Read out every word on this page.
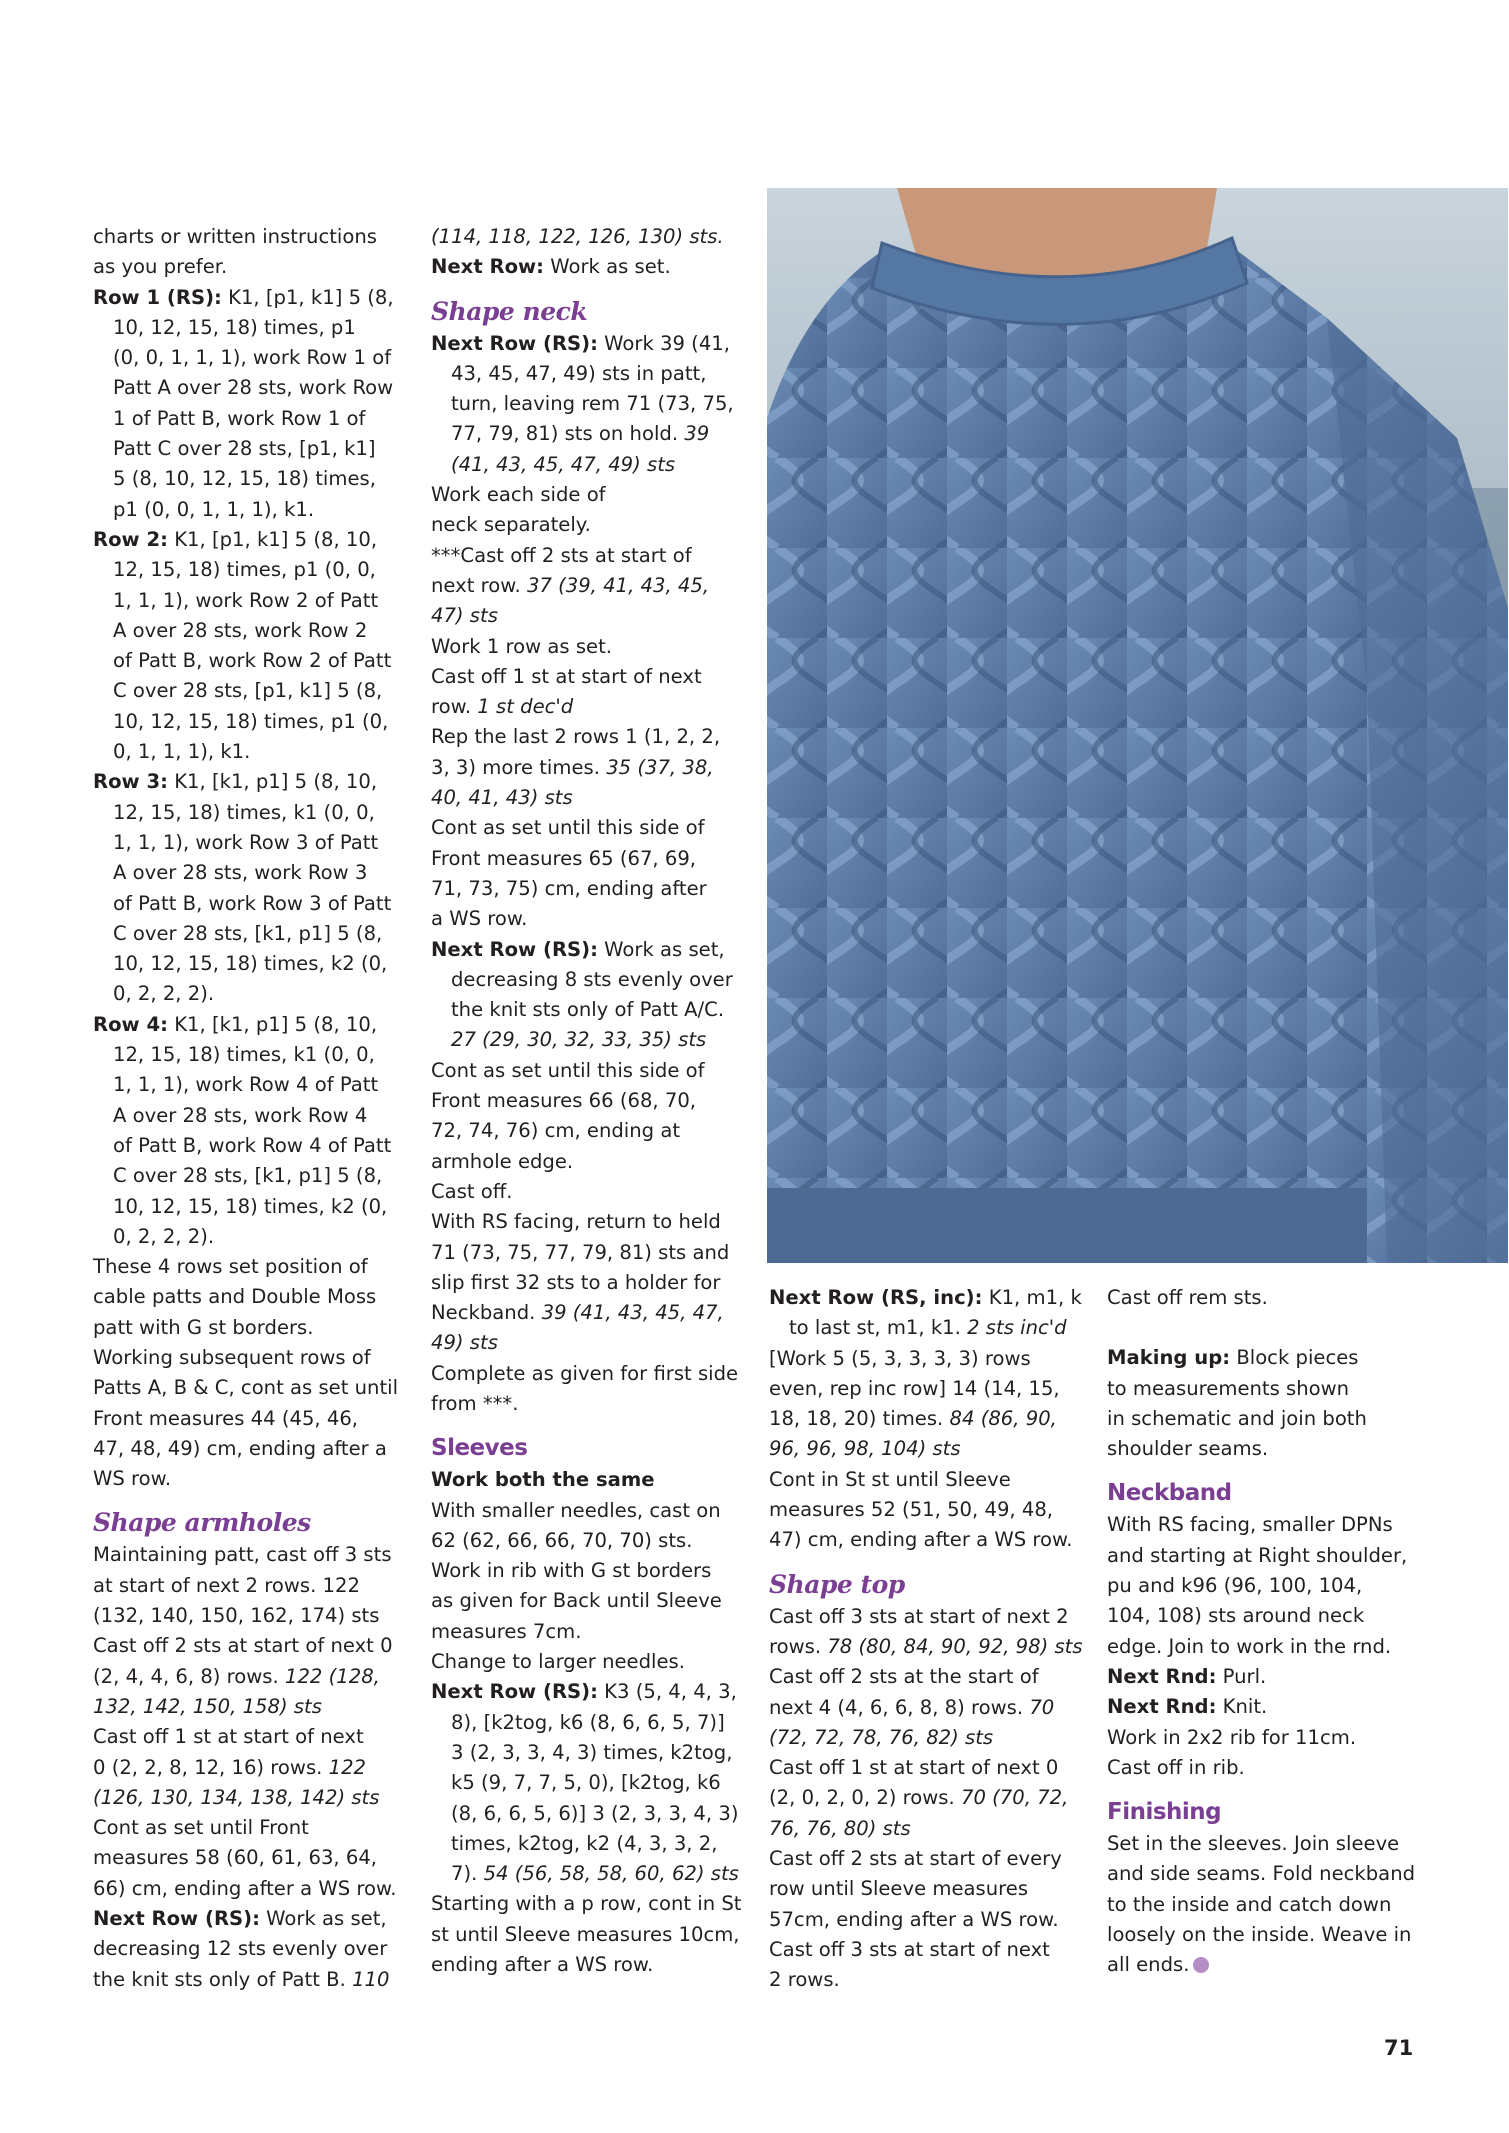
charts or written instructions
as you prefer.
Row 1 (RS): K1, [p1, k1] 5 (8,
10, 12, 15, 18) times, p1
(0, 0, 1, 1, 1), work Row 1 of
Patt A over 28 sts, work Row
1 of Patt B, work Row 1 of
Patt C over 28 sts, [p1, k1]
5 (8, 10, 12, 15, 18) times,
p1 (0, 0, 1, 1, 1), k1.
Row 2: K1, [p1, k1] 5 (8, 10,
12, 15, 18) times, p1 (0, 0,
1, 1, 1), work Row 2 of Patt
A over 28 sts, work Row 2
of Patt B, work Row 2 of Patt
C over 28 sts, [p1, k1] 5 (8,
10, 12, 15, 18) times, p1 (0,
0, 1, 1, 1), k1.
Row 3: K1, [k1, p1] 5 (8, 10,
12, 15, 18) times, k1 (0, 0,
1, 1, 1), work Row 3 of Patt
A over 28 sts, work Row 3
of Patt B, work Row 3 of Patt
C over 28 sts, [k1, p1] 5 (8,
10, 12, 15, 18) times, k2 (0,
0, 2, 2, 2).
Row 4: K1, [k1, p1] 5 (8, 10,
12, 15, 18) times, k1 (0, 0,
1, 1, 1), work Row 4 of Patt
A over 28 sts, work Row 4
of Patt B, work Row 4 of Patt
C over 28 sts, [k1, p1] 5 (8,
10, 12, 15, 18) times, k2 (0,
0, 2, 2, 2).
These 4 rows set position of
cable patts and Double Moss
patt with G st borders.
Working subsequent rows of
Patts A, B & C, cont as set until
Front measures 44 (45, 46,
47, 48, 49) cm, ending after a
WS row.
Shape armholes
Maintaining patt, cast off 3 sts
at start of next 2 rows. 122
(132, 140, 150, 162, 174) sts
Cast off 2 sts at start of next 0
(2, 4, 4, 6, 8) rows. 122 (128,
132, 142, 150, 158) sts
Cast off 1 st at start of next
0 (2, 2, 8, 12, 16) rows. 122
(126, 130, 134, 138, 142) sts
Cont as set until Front
measures 58 (60, 61, 63, 64,
66) cm, ending after a WS row.
Next Row (RS): Work as set,
decreasing 12 sts evenly over
the knit sts only of Patt B. 110
(114, 118, 122, 126, 130) sts.
Next Row: Work as set.
Shape neck
Next Row (RS): Work 39 (41,
43, 45, 47, 49) sts in patt,
turn, leaving rem 71 (73, 75,
77, 79, 81) sts on hold. 39
(41, 43, 45, 47, 49) sts
Work each side of
neck separately.
***Cast off 2 sts at start of
next row. 37 (39, 41, 43, 45,
47) sts
Work 1 row as set.
Cast off 1 st at start of next
row. 1 st dec'd
Rep the last 2 rows 1 (1, 2, 2,
3, 3) more times. 35 (37, 38,
40, 41, 43) sts
Cont as set until this side of
Front measures 65 (67, 69,
71, 73, 75) cm, ending after
a WS row.
Next Row (RS): Work as set,
decreasing 8 sts evenly over
the knit sts only of Patt A/C.
27 (29, 30, 32, 33, 35) sts
Cont as set until this side of
Front measures 66 (68, 70,
72, 74, 76) cm, ending at
armhole edge.
Cast off.
With RS facing, return to held
71 (73, 75, 77, 79, 81) sts and
slip first 32 sts to a holder for
Neckband. 39 (41, 43, 45, 47,
49) sts
Complete as given for first side
from ***.
Sleeves
Work both the same
With smaller needles, cast on
62 (62, 66, 66, 70, 70) sts.
Work in rib with G st borders
as given for Back until Sleeve
measures 7cm.
Change to larger needles.
Next Row (RS): K3 (5, 4, 4, 3,
8), [k2tog, k6 (8, 6, 6, 5, 7)]
3 (2, 3, 3, 4, 3) times, k2tog,
k5 (9, 7, 7, 5, 0), [k2tog, k6
(8, 6, 6, 5, 6)] 3 (2, 3, 3, 4, 3)
times, k2tog, k2 (4, 3, 3, 2,
7). 54 (56, 58, 58, 60, 62) sts
Starting with a p row, cont in St
st until Sleeve measures 10cm,
ending after a WS row.
Next Row (RS, inc): K1, m1, k
to last st, m1, k1. 2 sts inc'd
[Work 5 (5, 3, 3, 3, 3) rows
even, rep inc row] 14 (14, 15,
18, 18, 20) times. 84 (86, 90,
96, 96, 98, 104) sts
Cont in St st until Sleeve
measures 52 (51, 50, 49, 48,
47) cm, ending after a WS row.
Shape top
Cast off 3 sts at start of next 2
rows. 78 (80, 84, 90, 92, 98) sts
Cast off 2 sts at the start of
next 4 (4, 6, 6, 8, 8) rows. 70
(72, 72, 78, 76, 82) sts
Cast off 1 st at start of next 0
(2, 0, 2, 0, 2) rows. 70 (70, 72,
76, 76, 80) sts
Cast off 2 sts at start of every
row until Sleeve measures
57cm, ending after a WS row.
Cast off 3 sts at start of next
2 rows.
Cast off rem sts.
Making up: Block pieces
to measurements shown
in schematic and join both
shoulder seams.
Neckband
With RS facing, smaller DPNs
and starting at Right shoulder,
pu and k96 (96, 100, 104,
104, 108) sts around neck
edge. Join to work in the rnd.
Next Rnd: Purl.
Next Rnd: Knit.
Work in 2x2 rib for 11cm.
Cast off in rib.
Finishing
Set in the sleeves. Join sleeve
and side seams. Fold neckband
to the inside and catch down
loosely on the inside. Weave in
all ends.
71
